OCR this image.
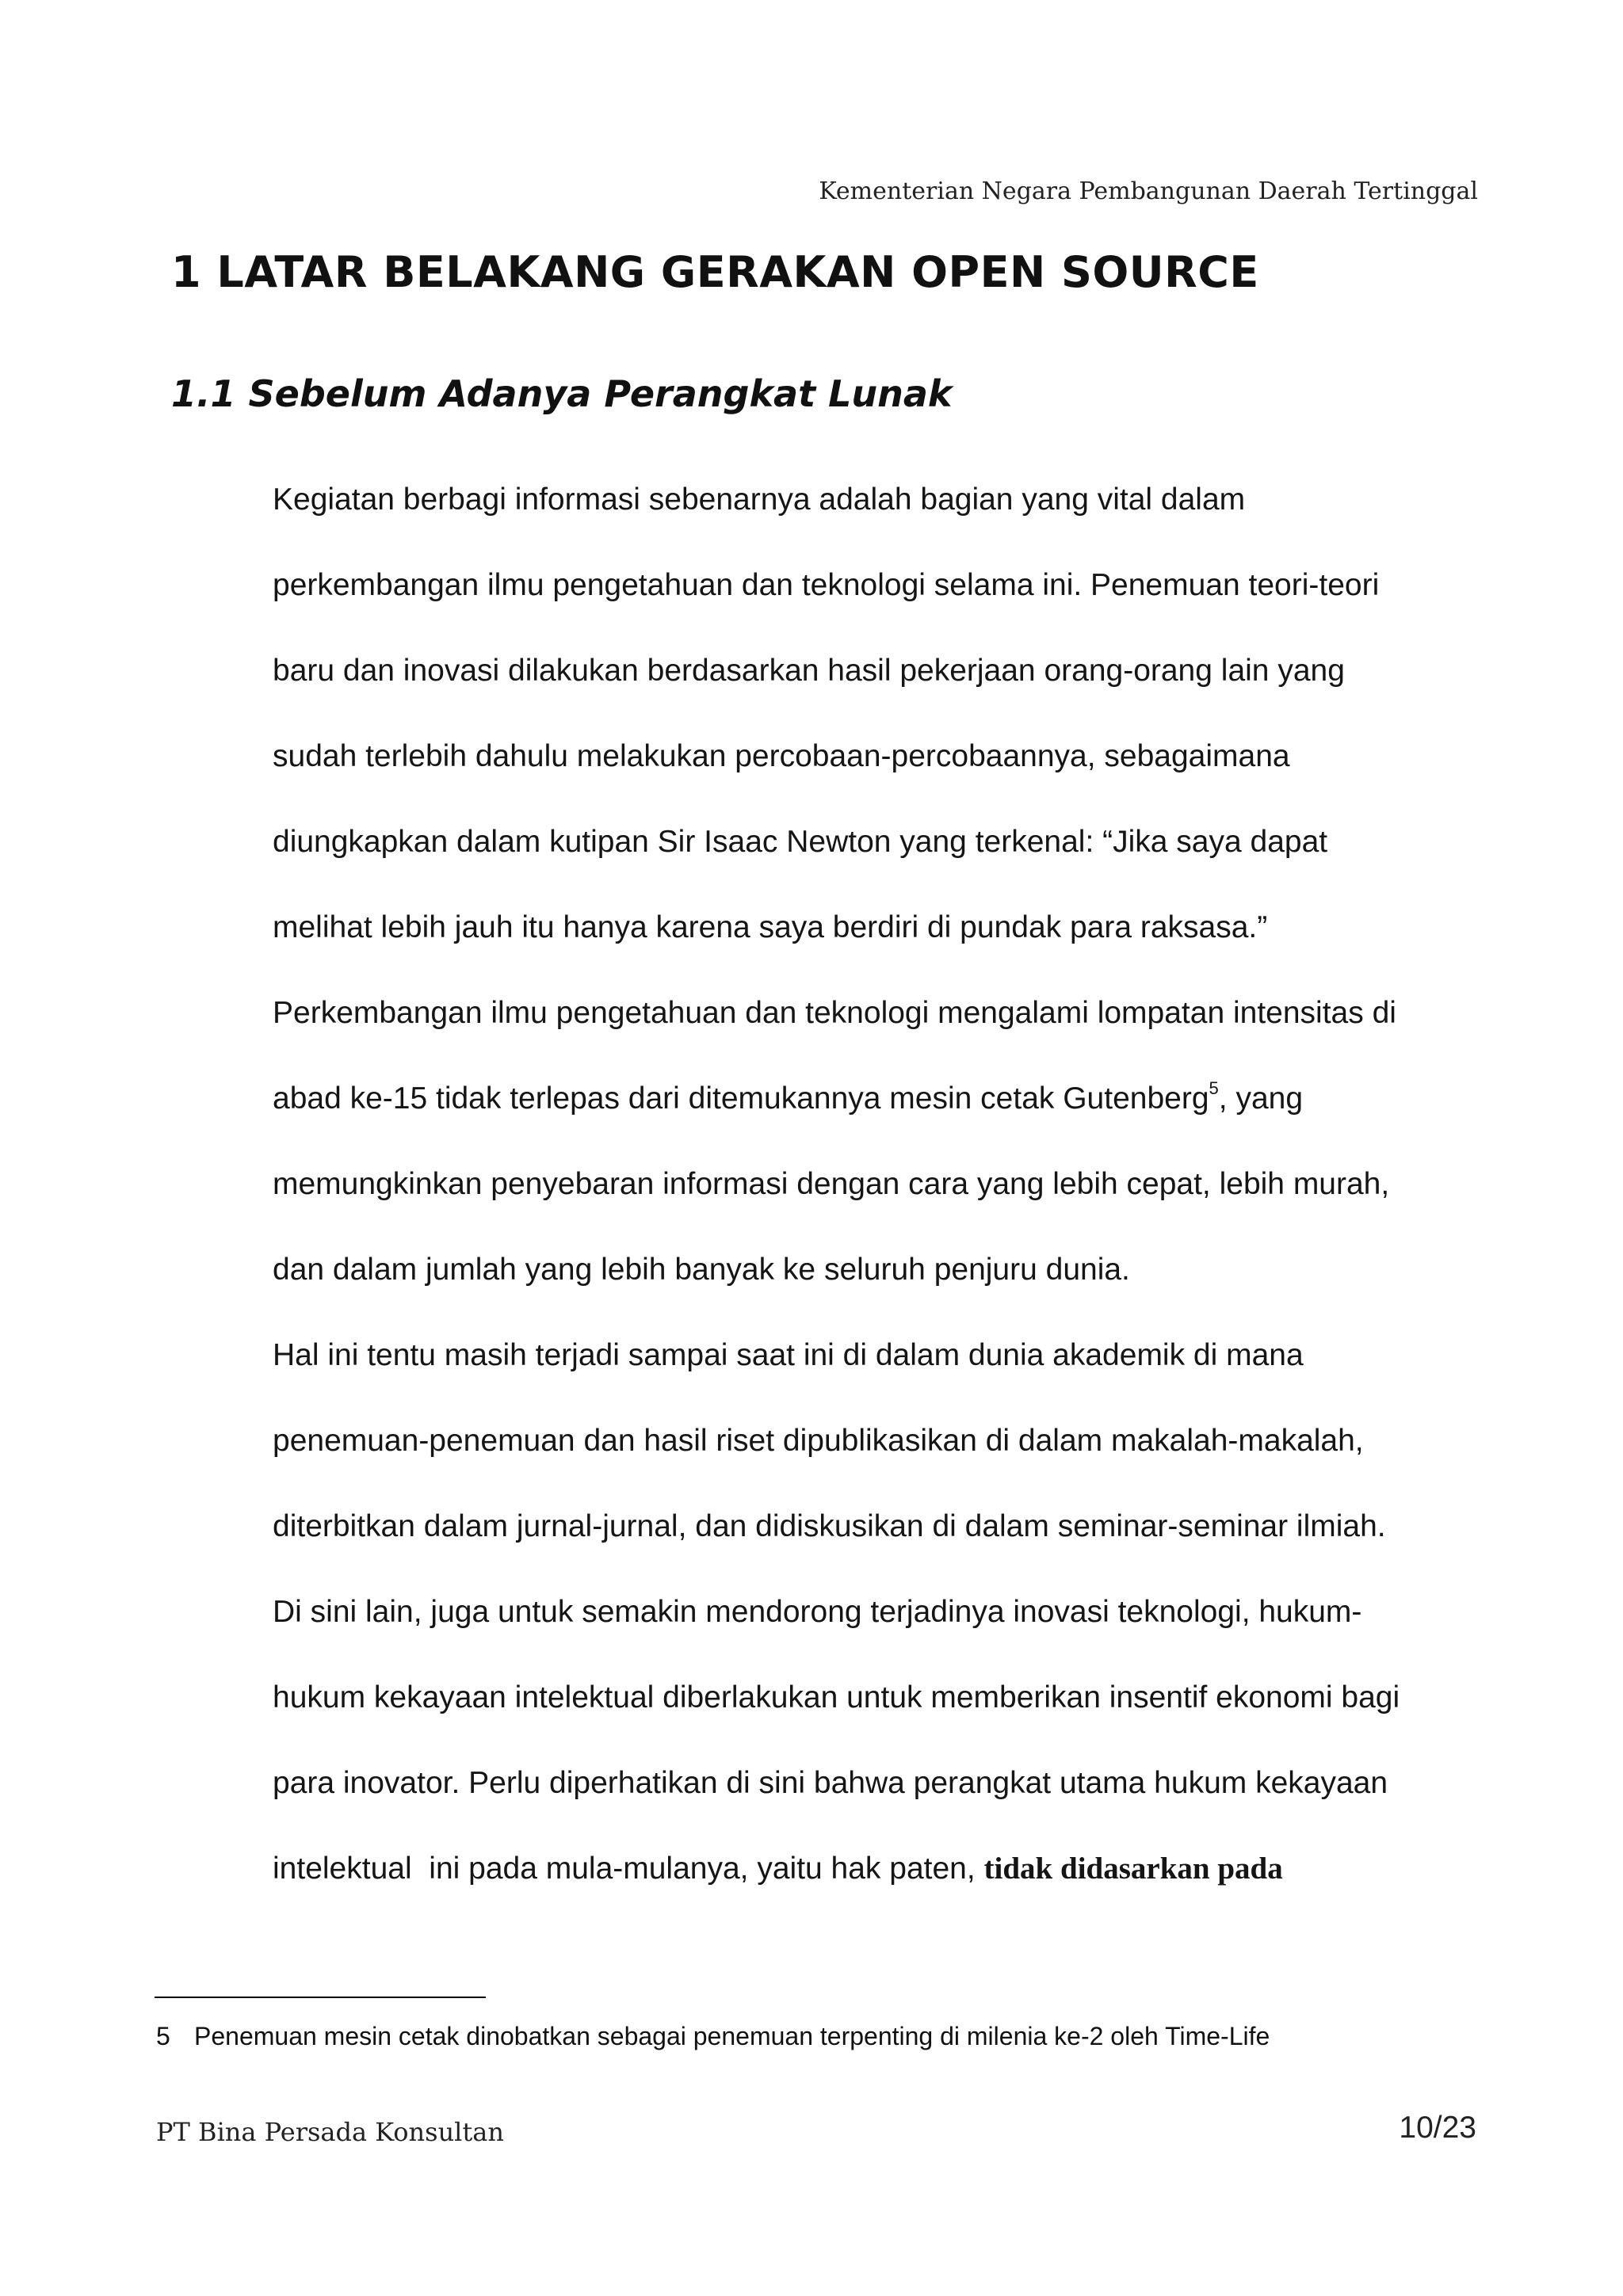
Kementerian Negara Pembangunan Daerah Tertinggal
1 LATAR BELAKANG GERAKAN OPEN SOURCE
1.1 Sebelum Adanya Perangkat Lunak

Kegiatan berbagi informasi sebenarnya adalah bagian yang vital dalam
perkembangan ilmu pengetahuan dan teknologi selama ini. Penemuan teori-teori
baru dan inovasi dilakukan berdasarkan hasil pekerjaan orang-orang lain yang
sudah terlebih dahulu melakukan percobaan-percobaannya, sebagaimana
diungkapkan dalam kutipan Sir Isaac Newton yang terkenal: “Jika saya dapat
melihat lebih jauh itu hanya karena saya berdiri di pundak para raksasa.”

Perkembangan ilmu pengetahuan dan teknologi mengalami lompatan intensitas di
abad ke-15 tidak terlepas dari ditemukannya mesin cetak Gutenberg$^5$, yang
memungkinkan penyebaran informasi dengan cara yang lebih cepat, lebih murah,
dan dalam jumlah yang lebih banyak ke seluruh penjuru dunia.

Hal ini tentu masih terjadi sampai saat ini di dalam dunia akademik di mana
penemuan-penemuan dan hasil riset dipublikasikan di dalam makalah-makalah,
diterbitkan dalam jurnal-jurnal, dan didiskusikan di dalam seminar-seminar ilmiah.

Di sini lain, juga untuk semakin mendorong terjadinya inovasi teknologi, hukum-
hukum kekayaan intelektual diberlakukan untuk memberikan insentif ekonomi bagi
para inovator. Perlu diperhatikan di sini bahwa perangkat utama hukum kekayaan
intelektual  ini pada mula-mulanya, yaitu hak paten, tidak didasarkan pada

5 Penemuan mesin cetak dinobatkan sebagai penemuan terpenting di milenia ke-2 oleh Time-Life
PT Bina Persada Konsultan	10/23
